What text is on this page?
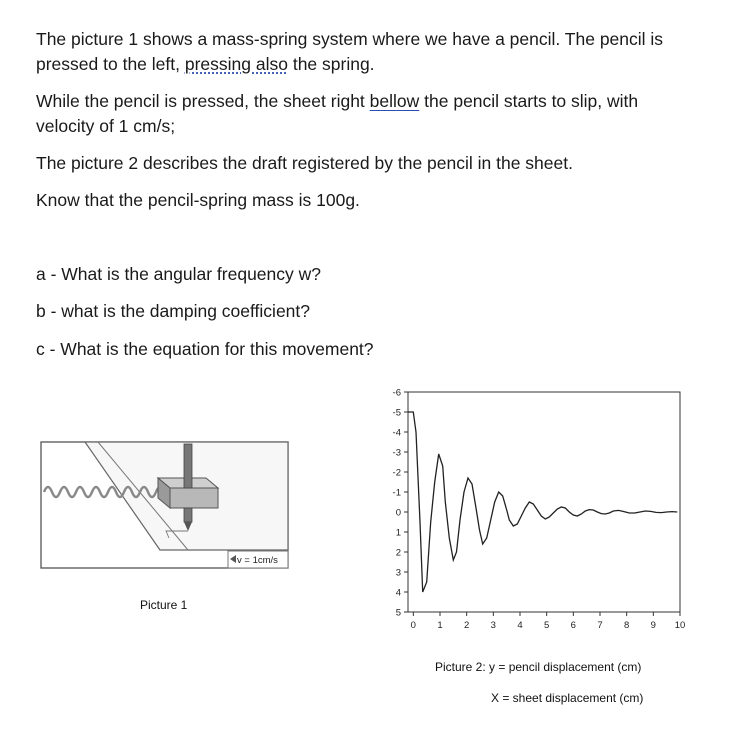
The picture 1 shows a mass-spring system where we have a pencil. The pencil is
pressed to the left, pressing also the spring.

While the pencil is pressed, the sheet right bellow the pencil starts to slip, with
velocity of 1 cm/s;

The picture 2 describes the draft registered by the pencil in the sheet.

Know that the pencil-spring mass is 100g.

a - What is the angular frequency w?

b - what is the damping coefficient?

c - What is the equation for this movement?

v = 1cm/s
Picture 1
-6
-5
-4
-3
-2
-1
0
1
2
3
4
5
0 1 2 3 4 5 6 7 8 9 10
Picture 2: y = pencil displacement (cm)
X = sheet displacement (cm)
